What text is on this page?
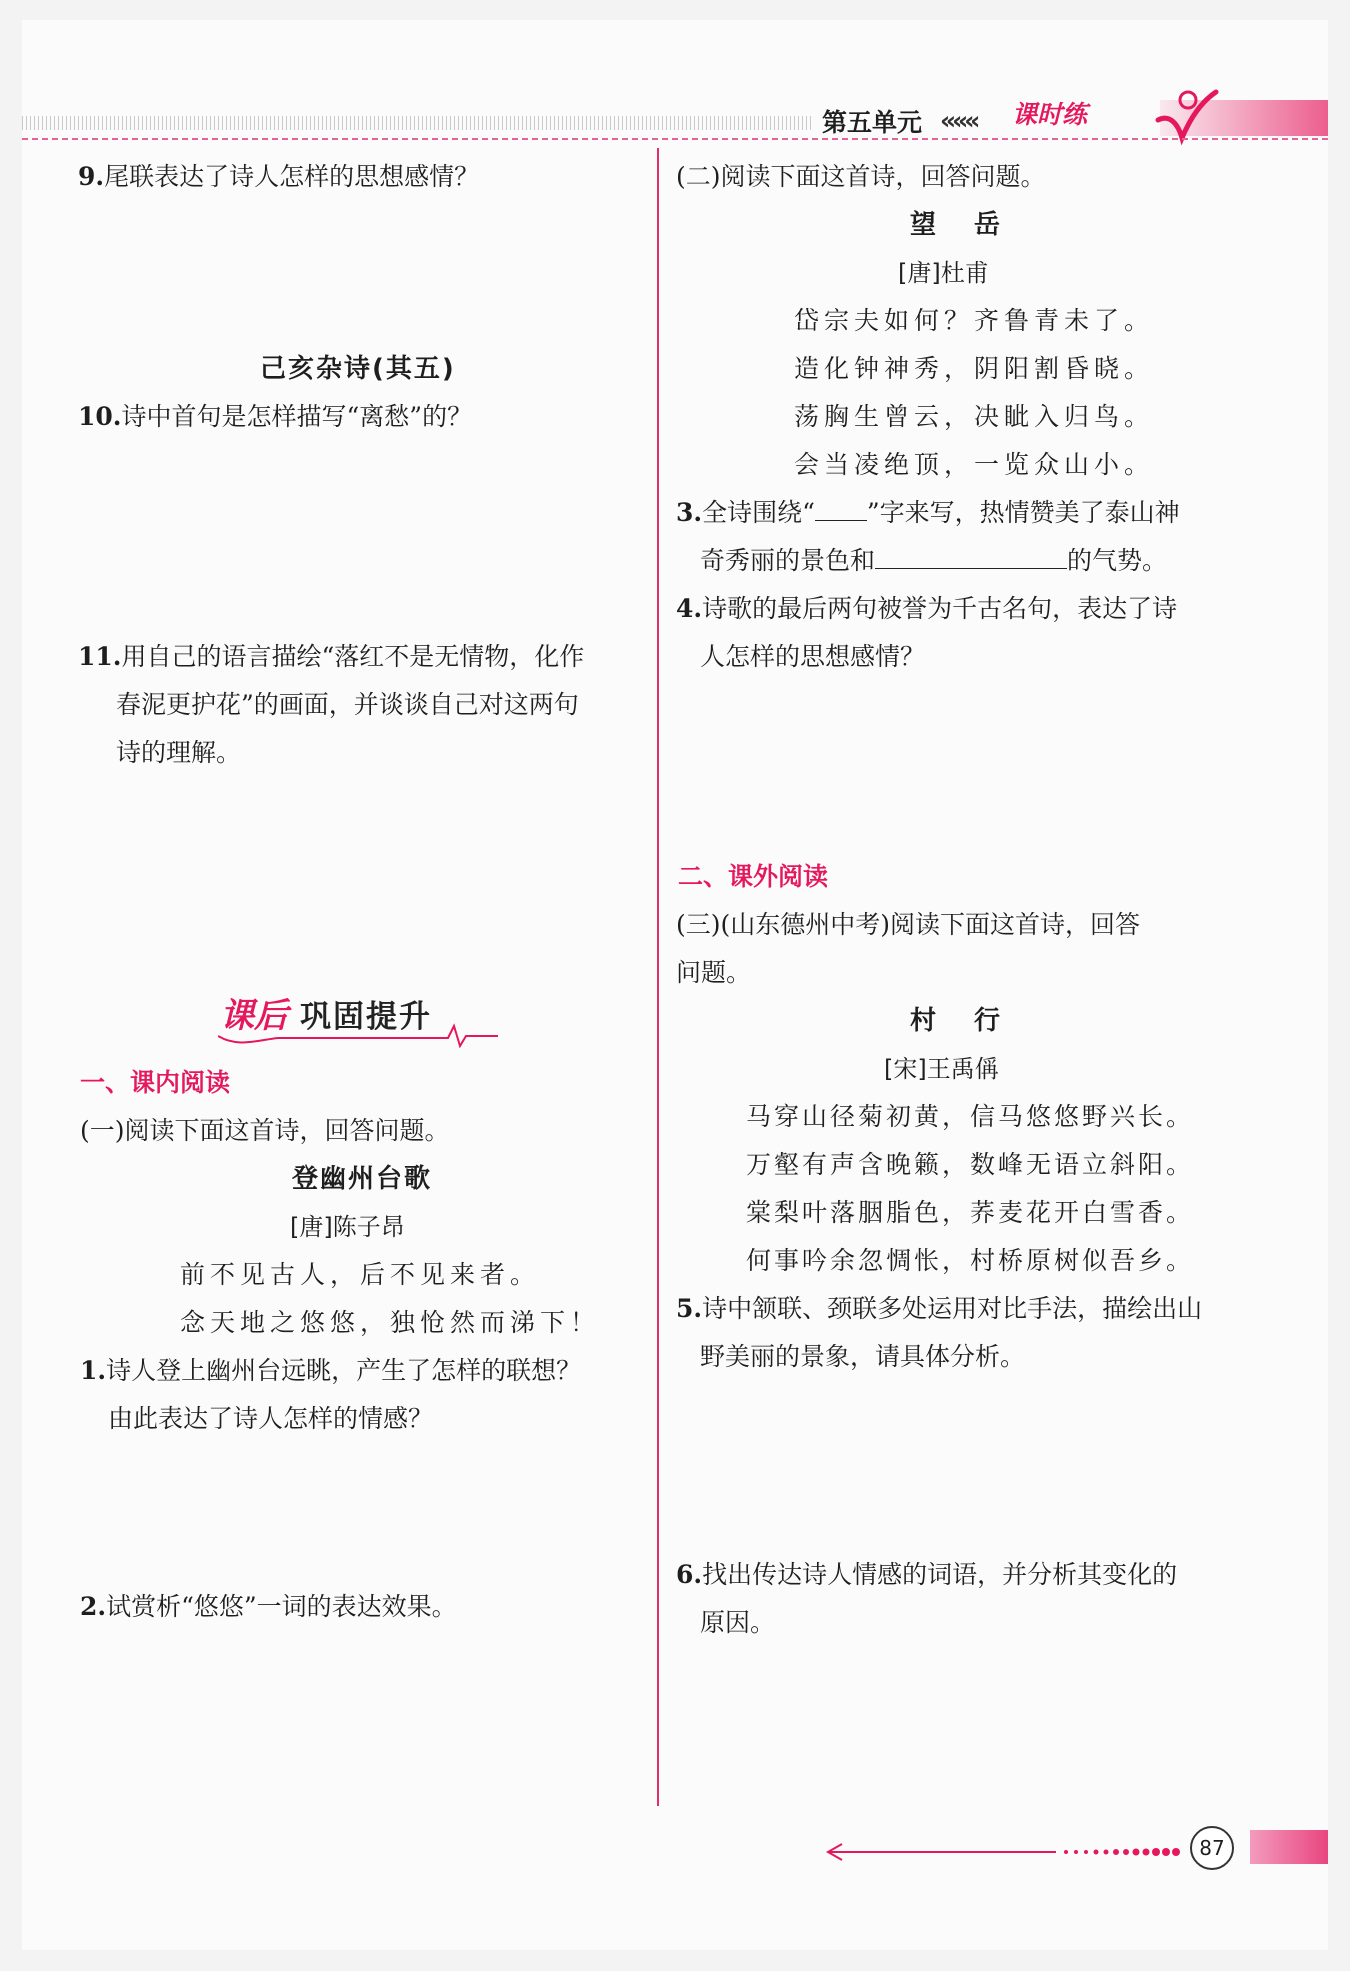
第五单元 ««« 课时练
9.尾联表达了诗人怎样的思想感情？
己亥杂诗(其五)
10.诗中首句是怎样描写“离愁”的？
11.用自己的语言描绘“落红不是无情物，化作
春泥更护花”的画面，并谈谈自己对这两句
诗的理解。
课后 巩固提升
一、课内阅读
(一)阅读下面这首诗，回答问题。
登幽州台歌
[唐]陈子昂
前不见古人，后不见来者。
念天地之悠悠，独怆然而涕下！
1.诗人登上幽州台远眺，产生了怎样的联想？
由此表达了诗人怎样的情感？
2.试赏析“悠悠”一词的表达效果。
(二)阅读下面这首诗，回答问题。
望　岳
[唐]杜甫
岱宗夫如何？齐鲁青未了。
造化钟神秀，阴阳割昏晓。
荡胸生曾云，决眦入归鸟。
会当凌绝顶，一览众山小。
3.全诗围绕“ ”字来写，热情赞美了泰山神
奇秀丽的景色和	的气势。
4.诗歌的最后两句被誉为千古名句，表达了诗
人怎样的思想感情？
二、课外阅读
(三)(山东德州中考)阅读下面这首诗，回答
问题。
村　行
[宋]王禹偁
马穿山径菊初黄，信马悠悠野兴长。
万壑有声含晚籁，数峰无语立斜阳。
棠梨叶落胭脂色，荞麦花开白雪香。
何事吟余忽惆怅，村桥原树似吾乡。
5.诗中颔联、颈联多处运用对比手法，描绘出山
野美丽的景象，请具体分析。
6.找出传达诗人情感的词语，并分析其变化的
原因。
87
